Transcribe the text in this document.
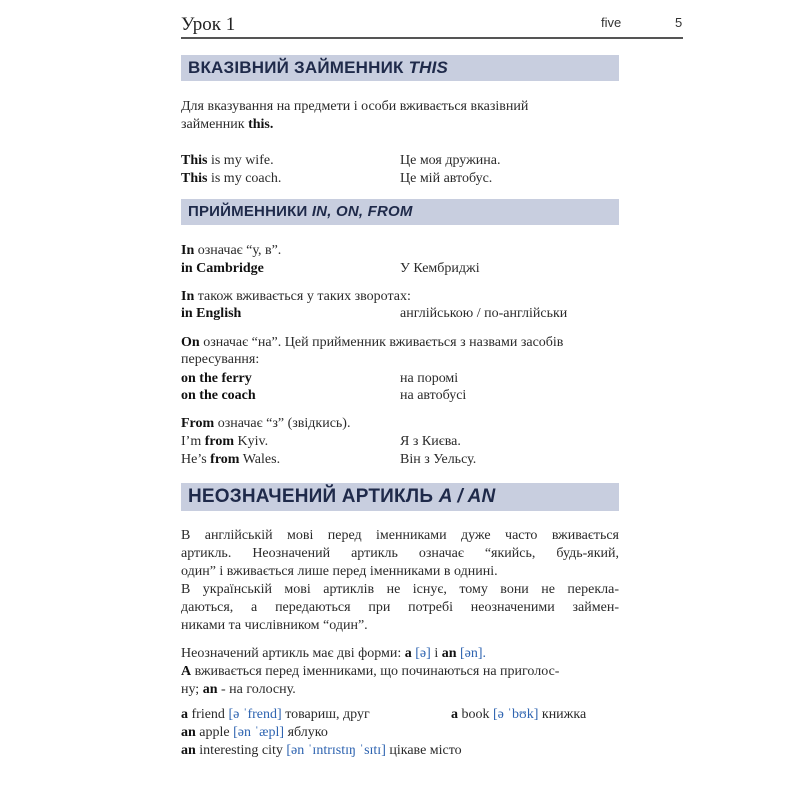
Урок 1	five	5
ВКАЗІВНИЙ ЗАЙМЕННИК THIS
Для вказування на предмети і особи вживається вказівний
займенник this.
This is my wife.	Це моя дружина.
This is my coach.	Це мій автобус.
ПРИЙМЕННИКИ IN, ON, FROM
In означає “у, в”.
in Cambridge	У Кембриджі
In також вживається у таких зворотах:
in English	англійською / по-англійськи
On означає “на”. Цей прийменник вживається з назвами засобів
пересування:
on the ferry	на поромі
on the coach	на автобусі
From означає “з” (звідкись).
I’m from Kyiv.	Я з Києва.
He’s from Wales.	Він з Уельсу.
НЕОЗНАЧЕНИЙ АРТИКЛЬ A / AN
В англійській мові перед іменниками дуже часто вживається
артикль. Неозначений артикль означає “якийсь, будь-який,
один” і вживається лише перед іменниками в однині.
В українській мові артиклів не існує, тому вони не перекла-
даються, а передаються при потребі неозначеними займен-
никами та числівником “один”.
Неозначений артикль має дві форми: a [ə] і an [ən].
A вживається перед іменниками, що починаються на приголос-
ну; an - на голосну.
a friend [ə ˈfrend] товариш, друг	a book [ə ˈbʊk] книжка
an apple [ən ˈæpl] яблуко
an interesting city [ən ˈɪntrɪstɪŋ ˈsɪtɪ] цікаве місто
